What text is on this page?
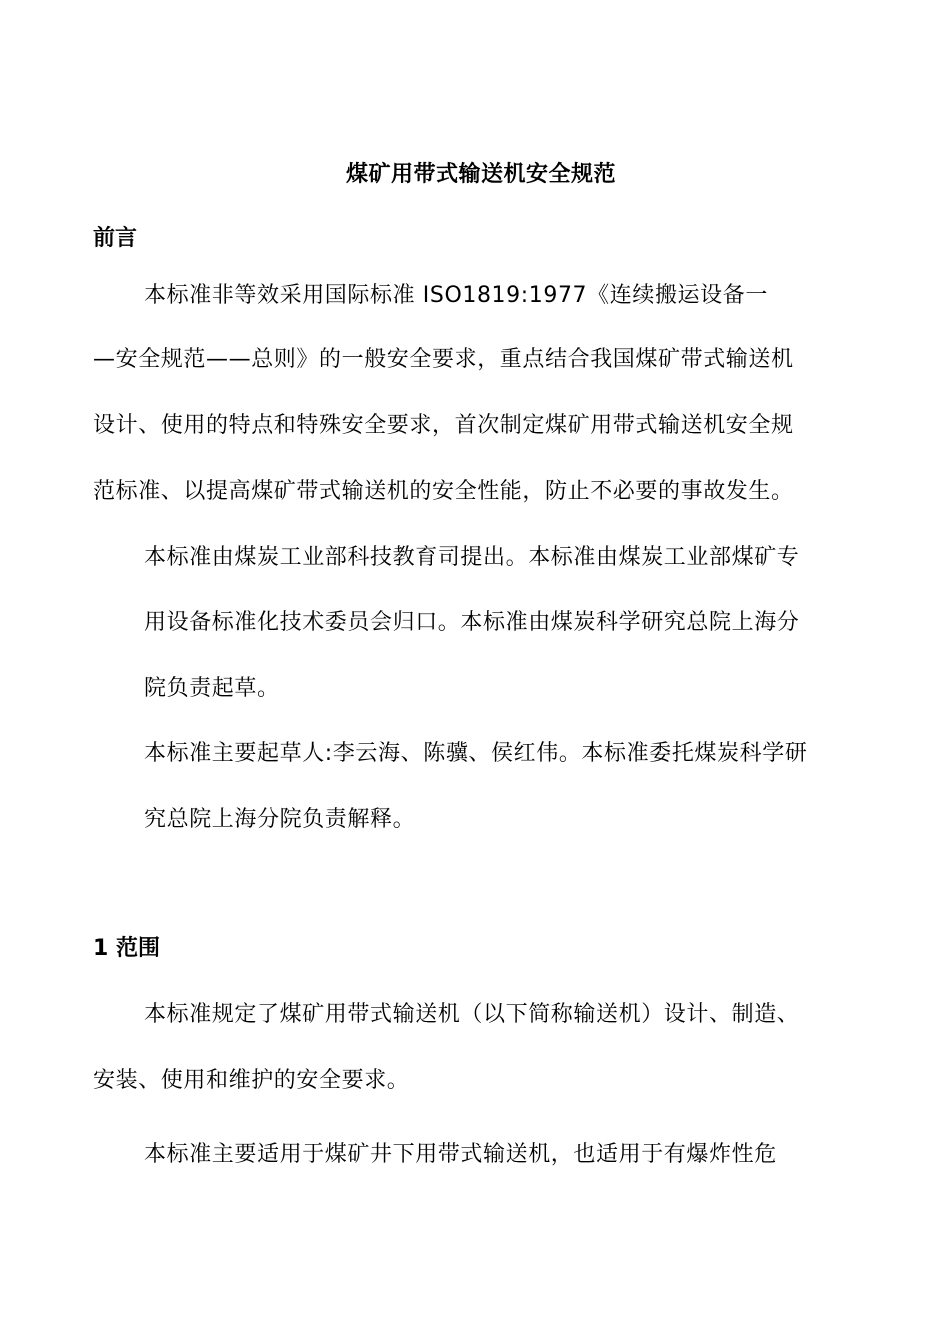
煤矿用带式输送机安全规范
前言
本标准非等效采用国际标准 ISO1819:1977《连续搬运设备一
—安全规范——总则》的一般安全要求，重点结合我国煤矿带式输送机
设计、使用的特点和特殊安全要求，首次制定煤矿用带式输送机安全规
范标准、以提高煤矿带式输送机的安全性能，防止不必要的事故发生。
本标准由煤炭工业部科技教育司提出。本标准由煤炭工业部煤矿专
用设备标准化技术委员会归口。本标准由煤炭科学研究总院上海分
院负责起草。
本标准主要起草人:李云海、陈骥、侯红伟。本标准委托煤炭科学研
究总院上海分院负责解释。
1 范围
本标准规定了煤矿用带式输送机（以下简称输送机）设计、制造、
安装、使用和维护的安全要求。
本标准主要适用于煤矿井下用带式输送机，也适用于有爆炸性危
